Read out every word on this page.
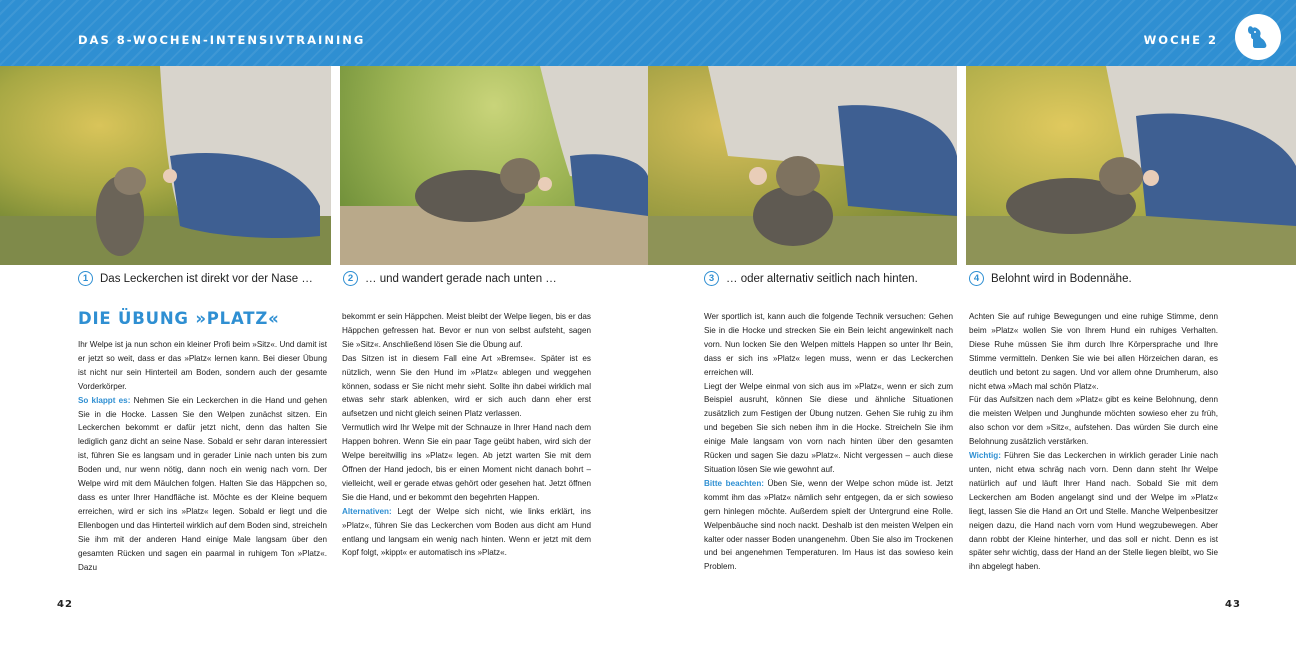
DAS 8-WOCHEN-INTENSIVTRAINING	WOCHE 2
1	Das Leckerchen ist direkt vor der Nase …	2	… und wandert gerade nach unten …	3	… oder alternativ seitlich nach hinten.	4	Belohnt wird in Bodennähe.
DIE ÜBUNG »PLATZ«

Ihr Welpe ist ja nun schon ein kleiner Profi beim »Sitz«. Und damit ist er jetzt so weit, dass er das »Platz« lernen kann. Bei dieser Übung ist nicht nur sein Hinterteil am Boden, sondern auch der gesamte Vorderkörper.

So klappt es: Nehmen Sie ein Leckerchen in die Hand und gehen Sie in die Hocke. Lassen Sie den Welpen zunächst sitzen. Ein Leckerchen bekommt er dafür jetzt nicht, denn das halten Sie lediglich ganz dicht an seine Nase. Sobald er sehr daran interessiert ist, führen Sie es langsam und in gerader Linie nach unten bis zum Boden und, nur wenn nötig, dann noch ein wenig nach vorn. Der Welpe wird mit dem Mäulchen folgen. Halten Sie das Häppchen so, dass es unter Ihrer Handfläche ist. Möchte es der Kleine bequem erreichen, wird er sich ins »Platz« legen. Sobald er liegt und die Ellenbogen und das Hinterteil wirklich auf dem Boden sind, streicheln Sie ihm mit der anderen Hand einige Male langsam über den gesamten Rücken und sagen ein paarmal in ruhigem Ton »Platz«. Dazu

bekommt er sein Häppchen. Meist bleibt der Welpe liegen, bis er das Häppchen gefressen hat. Bevor er nun von selbst aufsteht, sagen Sie »Sitz«. Anschließend lösen Sie die Übung auf.

Das Sitzen ist in diesem Fall eine Art »Bremse«. Später ist es nützlich, wenn Sie den Hund im »Platz« ablegen und weggehen können, sodass er Sie nicht mehr sieht. Sollte ihn dabei wirklich mal etwas sehr stark ablenken, wird er sich auch dann eher erst aufsetzen und nicht gleich seinen Platz verlassen.

Vermutlich wird Ihr Welpe mit der Schnauze in Ihrer Hand nach dem Happen bohren. Wenn Sie ein paar Tage geübt haben, wird sich der Welpe bereitwillig ins »Platz« legen. Ab jetzt warten Sie mit dem Öffnen der Hand jedoch, bis er einen Moment nicht danach bohrt – vielleicht, weil er gerade etwas gehört oder gesehen hat. Jetzt öffnen Sie die Hand, und er bekommt den begehrten Happen.

Alternativen: Legt der Welpe sich nicht, wie links erklärt, ins »Platz«, führen Sie das Leckerchen vom Boden aus dicht am Hund entlang und langsam ein wenig nach hinten. Wenn er jetzt mit dem Kopf folgt, »kippt« er automatisch ins »Platz«.

Wer sportlich ist, kann auch die folgende Technik versuchen: Gehen Sie in die Hocke und strecken Sie ein Bein leicht angewinkelt nach vorn. Nun locken Sie den Welpen mittels Happen so unter Ihr Bein, dass er sich ins »Platz« legen muss, wenn er das Leckerchen erreichen will.

Liegt der Welpe einmal von sich aus im »Platz«, wenn er sich zum Beispiel ausruht, können Sie diese und ähnliche Situationen zusätzlich zum Festigen der Übung nutzen. Gehen Sie ruhig zu ihm und begeben Sie sich neben ihm in die Hocke. Streicheln Sie ihm einige Male langsam von vorn nach hinten über den gesamten Rücken und sagen Sie dazu »Platz«. Nicht vergessen – auch diese Situation lösen Sie wie gewohnt auf.

Bitte beachten: Üben Sie, wenn der Welpe schon müde ist. Jetzt kommt ihm das »Platz« nämlich sehr entgegen, da er sich sowieso gern hinlegen möchte. Außerdem spielt der Untergrund eine Rolle. Welpenbäuche sind noch nackt. Deshalb ist den meisten Welpen ein kalter oder nasser Boden unangenehm. Üben Sie also im Trockenen und bei angenehmen Temperaturen. Im Haus ist das sowieso kein Problem.

Achten Sie auf ruhige Bewegungen und eine ruhige Stimme, denn beim »Platz« wollen Sie von Ihrem Hund ein ruhiges Verhalten. Diese Ruhe müssen Sie ihm durch Ihre Körpersprache und Ihre Stimme vermitteln. Denken Sie wie bei allen Hörzeichen daran, es deutlich und betont zu sagen. Und vor allem ohne Drumherum, also nicht etwa »Mach mal schön Platz«.

Für das Aufsitzen nach dem »Platz« gibt es keine Belohnung, denn die meisten Welpen und Junghunde möchten sowieso eher zu früh, also schon vor dem »Sitz«, aufstehen. Das würden Sie durch eine Belohnung zusätzlich verstärken.

Wichtig: Führen Sie das Leckerchen in wirklich gerader Linie nach unten, nicht etwa schräg nach vorn. Denn dann steht Ihr Welpe natürlich auf und läuft Ihrer Hand nach. Sobald Sie mit dem Leckerchen am Boden angelangt sind und der Welpe im »Platz« liegt, lassen Sie die Hand an Ort und Stelle. Manche Welpenbesitzer neigen dazu, die Hand nach vorn vom Hund wegzubewegen. Aber dann robbt der Kleine hinterher, und das soll er nicht. Denn es ist später sehr wichtig, dass der Hand an der Stelle liegen bleibt, wo Sie ihn abgelegt haben.

42	43
